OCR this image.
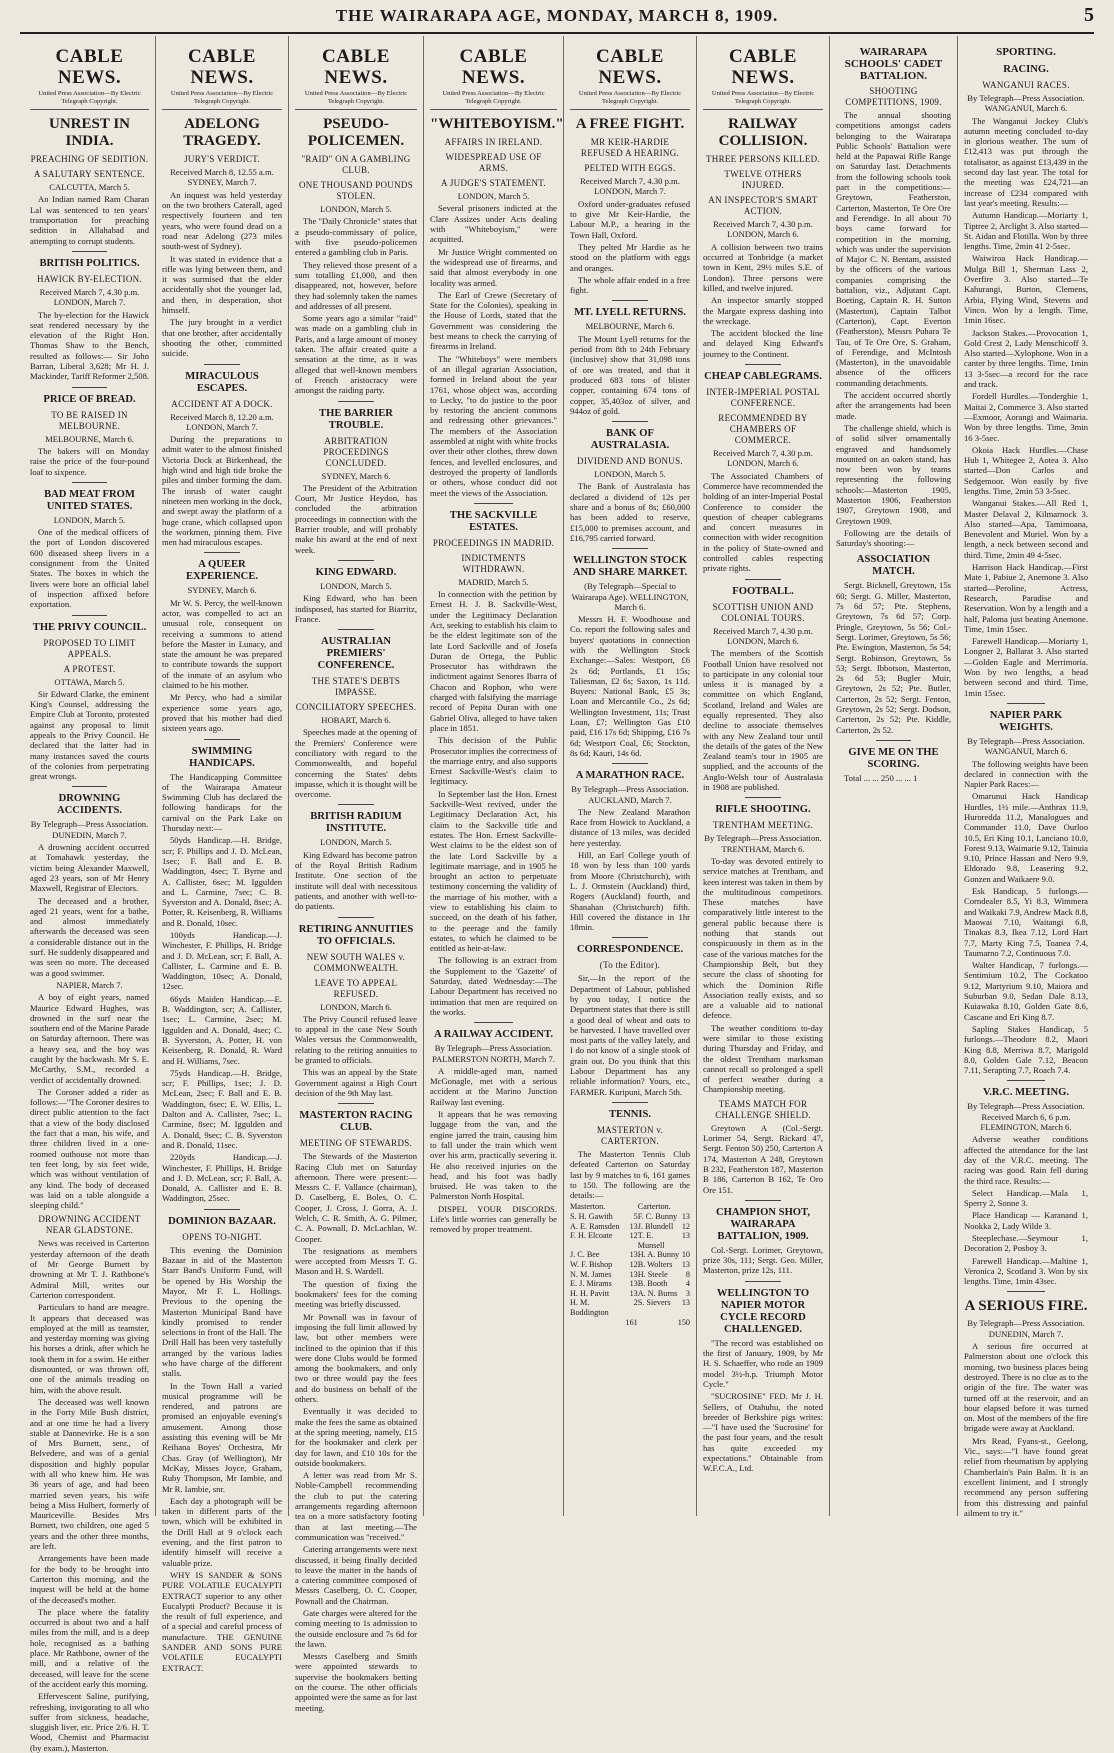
THE WAIRARAPA AGE, MONDAY, MARCH 8, 1909.	5
CABLE NEWS.
United Press Association—By Electric Telegraph Copyright.
UNREST IN INDIA.
PREACHING OF SEDITION.
A SALUTARY SENTENCE.
CALCUTTA, March 5.

An Indian named Ram Charan Lal was sentenced to ten years' transportation for preaching sedition in Allahabad and attempting to corrupt students.

BRITISH POLITICS.
HAWICK BY-ELECTION.
Received March 7, 4.30 p.m. LONDON, March 7.

The by-election for the Hawick seat rendered necessary by the elevation of the Right Hon. Thomas Shaw to the Bench, resulted as follows:— Sir John Barran, Liberal 3,628; Mr H. J. Mackinder, Tariff Reformer 2,508.

PRICE OF BREAD.
TO BE RAISED IN MELBOURNE.
MELBOURNE, March 6.

The bakers will on Monday raise the price of the four-pound loaf to sixpence.

BAD MEAT FROM UNITED STATES.
LONDON, March 5.

One of the medical officers of the port of London discovered 600 diseased sheep livers in a consignment from the United States. The boxes in which the livers were bore an official label of inspection affixed before exportation.

THE PRIVY COUNCIL.
PROPOSED TO LIMIT APPEALS.
A PROTEST.
OTTAWA, March 5.

Sir Edward Clarke, the eminent King's Counsel, addressing the Empire Club at Toronto, protested against any proposal to limit appeals to the Privy Council. He declared that the latter had in many instances saved the courts of the colonies from perpetrating great wrongs.

DROWNING ACCIDENTS.
By Telegraph—Press Association. DUNEDIN, March 7.

A drowning accident occurred at Tomahawk yesterday, the victim being Alexander Maxwell, aged 23 years, son of Mr Henry Maxwell, Registrar of Electors.

The deceased and a brother, aged 21 years, went for a bathe, and almost immediately afterwards the deceased was seen a considerable distance out in the surf. He suddenly disappeared and was seen no more. The deceased was a good swimmer.

NAPIER, March 7.

A boy of eight years, named Maurice Edward Hughes, was drowned in the surf near the southern end of the Marine Parade on Saturday afternoon. There was a heavy sea, and the boy was caught by the backwash. Mr S. E. McCarthy, S.M., recorded a verdict of accidentally drowned.

The Coroner added a rider as follows:—"The Coroner desires to direct public attention to the fact that a view of the body disclosed the fact that a man, his wife, and three children lived in a one-roomed outhouse not more than ten feet long, by six feet wide, which was without ventilation of any kind. The body of deceased was laid on a table alongside a sleeping child."

DROWNING ACCIDENT NEAR GLADSTONE.

News was received in Carterton yesterday afternoon of the death of Mr George Burnett by drowning at Mr T. J. Rathbone's Admiral Mill, writes our Carterton correspondent.

Particulars to hand are meagre. It appears that deceased was employed at the mill as teamster, and yesterday morning was giving his horses a drink, after which he took them in for a swim. He either dismounted, or was thrown off, one of the animals treading on him, with the above result.

The deceased was well known in the Forty Mile Bush district, and at one time he had a livery stable at Dannevirke. He is a son of Mrs Burnett, senr., of Belvedere, and was of a genial disposition and highly popular with all who knew him. He was 36 years of age, and had been married seven years, his wife being a Miss Hulbert, formerly of Mauriceville. Besides Mrs Burnett, two children, one aged 5 years and the other three months, are left.

Arrangements have been made for the body to be brought into Carterton this morning, and the inquest will be held at the home of the deceased's mother.

The place where the fatality occurred is about two and a half miles from the mill, and is a deep hole, recognised as a bathing place. Mr Rathbone, owner of the mill, and a relative of the deceased, will leave for the scene of the accident early this morning.

Effervescent Saline, purifying, refreshing, invigorating to all who suffer from sickness, headache, sluggish liver, etc. Price 2/6. H. T. Wood, Chemist and Pharmacist (by exam.), Masterton.

CABLE NEWS.
United Press Association—By Electric Telegraph Copyright.
ADELONG TRAGEDY.
JURY'S VERDICT.
Received March 8, 12.55 a.m. SYDNEY, March 7.

An inquest was held yesterday on the two brothers Caterall, aged respectively fourteen and ten years, who were found dead on a road near Adelong (273 miles south-west of Sydney).

It was stated in evidence that a rifle was lying between them, and it was surmised that the elder accidentally shot the younger lad, and then, in desperation, shot himself.

The jury brought in a verdict that one brother, after accidentally shooting the other, committed suicide.

MIRACULOUS ESCAPES.
ACCIDENT AT A DOCK.
Received March 8, 12.20 a.m. LONDON, March 7.

During the preparations to admit water to the almost finished Victoria Dock at Birkenhead, the high wind and high tide broke the piles and timber forming the dam. The inrush of water caught nineteen men working in the dock, and swept away the platform of a huge crane, which collapsed upon the workmen, pinning them. Five men had miraculous escapes.

A QUEER EXPERIENCE.
SYDNEY, March 6.

Mr W. S. Percy, the well-known actor, was compelled to act an unusual role, consequent on receiving a summons to attend before the Master in Lunacy, and state the amount he was prepared to contribute towards the support of the inmate of an asylum who claimed to be his mother.

Mr Percy, who had a similar experience some years ago, proved that his mother had died sixteen years ago.

SWIMMING HANDICAPS.

The Handicapping Committee of the Wairarapa Amateur Swimming Club has declared the following handicaps for the carnival on the Park Lake on Thursday next:—

50yds Handicap.—H. Bridge, scr; F. Phillips and J. D. McLean, 1sec; F. Ball and E. B. Waddington, 4sec; T. Byrne and A. Callister, 6sec; M. Iggulden and L. Carmine, 7sec; C. B. Syverston and A. Donald, 8sec; A. Potter, R. Keisenberg, R. Williams and R. Donald, 10sec.

100yds Handicap.—J. Winchester, F. Phillips, H. Bridge and J. D. McLean, scr; F. Ball, A. Callister, L. Carmine and E. B. Waddington, 10sec; A. Donald, 12sec.

66yds Maiden Handicap.—E. B. Waddington, scr; A. Callister, 1sec; L. Carmine, 2sec; M. Iggulden and A. Donald, 4sec; C. B. Syverston, A. Potter, H. von Keisenberg, R. Donald, R. Ward and H. Williams, 7sec.

75yds Handicap.—H. Bridge, scr; F. Phillips, 1sec; J. D. McLean, 2sec; F. Ball and E. B. Waddington, 6sec; E. W. Ellis, L. Dalton and A. Callister, 7sec; L. Carmine, 8sec; M. Iggulden and A. Donald, 9sec; C. B. Syverston and R. Donald, 11sec.

220yds Handicap.—J. Winchester, F. Phillips, H. Bridge and J. D. McLean, scr; F. Ball, A. Donald, A. Callister and E. B. Waddington, 25sec.

DOMINION BAZAAR.
OPENS TO-NIGHT.

This evening the Dominion Bazaar in aid of the Masterton Starr Band's Uniform Fund, will be opened by His Worship the Mayor, Mr F. L. Hollings. Previous to the opening the Masterton Municipal Band have kindly promised to render selections in front of the Hall. The Drill Hall has been very tastefully arranged by the various ladies who have charge of the different stalls.

In the Town Hall a varied musical programme will be rendered, and patrons are promised an enjoyable evening's amusement. Among those assisting this evening will be Mr Reihana Boyes' Orchestra, Mr Chas. Gray (of Wellington), Mr McKay, Misses Joyce, Graham, Ruby Thompson, Mr Iambie, and Mr R. Iambie, snr.

Each day a photograph will be taken in different parts of the town, which will be exhibited in the Drill Hall at 9 o'clock each evening, and the first patron to identify himself will receive a valuable prize.

WHY IS SANDER & SONS PURE VOLATILE EUCALYPTI EXTRACT superior to any other Eucalypti Product? Because it is the result of full experience, and of a special and careful process of manufacture. THE GENUINE SANDER AND SONS PURE VOLATILE EUCALYPTI EXTRACT.

CABLE NEWS.
United Press Association—By Electric Telegraph Copyright.
PSEUDO-POLICEMEN.
"RAID" ON A GAMBLING CLUB.
ONE THOUSAND POUNDS STOLEN.
LONDON, March 5.

The "Daily Chronicle" states that a pseudo-commissary of police, with five pseudo-policemen entered a gambling club in Paris.

They relieved those present of a sum totalling £1,000, and then disappeared, not, however, before they had solemnly taken the names and addresses of all present.

Some years ago a similar "raid" was made on a gambling club in Paris, and a large amount of money taken. The affair created quite a sensation at the time, as it was alleged that well-known members of French aristocracy were amongst the raiding party.

THE BARRIER TROUBLE.
ARBITRATION PROCEEDINGS CONCLUDED.
SYDNEY, March 6.

The President of the Arbitration Court, Mr Justice Heydon, has concluded the arbitration proceedings in connection with the Barrier trouble, and will probably make his award at the end of next week.

KING EDWARD.
LONDON, March 5.

King Edward, who has been indisposed, has started for Biarritz, France.

AUSTRALIAN PREMIERS' CONFERENCE.
THE STATE'S DEBTS IMPASSE.
CONCILIATORY SPEECHES.
HOBART, March 6.

Speeches made at the opening of the Premiers' Conference were conciliatory with regard to the Commonwealth, and hopeful concerning the States' debts impasse, which it is thought will be overcome.

BRITISH RADIUM INSTITUTE.
LONDON, March 5.

King Edward has become patron of the Royal British Radium Institute. One section of the institute will deal with necessitous patients, and another with well-to-do patients.

RETIRING ANNUITIES TO OFFICIALS.
NEW SOUTH WALES v. COMMONWEALTH.
LEAVE TO APPEAL REFUSED.
LONDON, March 6.

The Privy Council refused leave to appeal in the case New South Wales versus the Commonwealth, relating to the retiring annuities to be granted to officials.

This was an appeal by the State Government against a High Court decision of the 9th May last.

MASTERTON RACING CLUB.
MEETING OF STEWARDS.

The Stewards of the Masterton Racing Club met on Saturday afternoon. There were present:—Messrs C. F. Vallance (chairman), D. Caselberg, E. Boles, O. C. Cooper, J. Cross, J. Gorra, A. J. Welch, C. R. Smith, A. G. Pilmer, C. A. Pownall, D. McLachlan, W. Cooper.

The resignations as members were accepted from Messrs T. G. Mason and H. S. Wardell.

The question of fixing the bookmakers' fees for the coming meeting was briefly discussed.

Mr Pownall was in favour of imposing the full limit allowed by law, but other members were inclined to the opinion that if this were done Clubs would be formed among the bookmakers, and only two or three would pay the fees and do business on behalf of the others.

Eventually it was decided to make the fees the same as obtained at the spring meeting, namely, £15 for the bookmaker and clerk per day for lawn, and £10 10s for the outside bookmakers.

A letter was read from Mr S. Noble-Campbell recommending the club to put the catering arrangements regarding afternoon tea on a more satisfactory footing than at last meeting.—The communication was "received."

Catering arrangements were next discussed, it being finally decided to leave the matter in the hands of a catering committee composed of Messrs Caselberg, O. C. Cooper, Pownall and the Chairman.

Gate charges were altered for the coming meeting to 1s admission to the outside enclosure and 7s 6d for the lawn.

Messrs Caselberg and Smith were appointed stewards to supervise the bookmakers betting on the course. The other officials appointed were the same as for last meeting.

CABLE NEWS.
United Press Association—By Electric Telegraph Copyright.
"WHITEBOYISM."
AFFAIRS IN IRELAND.
WIDESPREAD USE OF ARMS.
A JUDGE'S STATEMENT.
LONDON, March 5.

Several prisoners indicted at the Clare Assizes under Acts dealing with "Whiteboyism," were acquitted.

Mr Justice Wright commented on the widespread use of firearms, and said that almost everybody in one locality was armed.

The Earl of Crewe (Secretary of State for the Colonies), speaking in the House of Lords, stated that the Government was considering the best means to check the carrying of firearms in Ireland.

The "Whiteboys" were members of an illegal agrarian Association, formed in Ireland about the year 1761, whose object was, according to Lecky, "to do justice to the poor by restoring the ancient commons and redressing other grievances." The members of the Association assembled at night with white frocks over their other clothes, threw down fences, and levelled enclosures, and destroyed the property of landlords or others, whose conduct did not meet the views of the Association.

THE SACKVILLE ESTATES.
PROCEEDINGS IN MADRID.
INDICTMENTS WITHDRAWN.
MADRID, March 5.

In connection with the petition by Ernest H. J. B. Sackville-West, under the Legitimacy Declaration Act, seeking to establish his claim to be the eldest legitimate son of the late Lord Sackville and of Josefa Duran de Ortega, the Public Prosecutor has withdrawn the indictment against Senores Ibarra of Chacon and Rophon, who were charged with falsifying the marriage record of Pepita Duran with one Gabriel Oliva, alleged to have taken place in 1851.

This decision of the Public Prosecutor implies the correctness of the marriage entry, and also supports Ernest Sackville-West's claim to legitimacy.

In September last the Hon. Ernest Sackville-West revived, under the Legitimacy Declaration Act, his claim to the Sackville title and estates. The Hon. Ernest Sackville-West claims to be the eldest son of the late Lord Sackville by a legitimate marriage, and in 1905 he brought an action to perpetuate testimony concerning the validity of the marriage of his mother, with a view to establishing his claim to succeed, on the death of his father, to the peerage and the family estates, to which he claimed to be entitled as heir-at-law.

The following is an extract from the Supplement to the 'Gazette' of Saturday, dated Wednesday:—The Labour Department has received no intimation that men are required on the works.

A RAILWAY ACCIDENT.
By Telegraph—Press Association. PALMERSTON NORTH, March 7.

A middle-aged man, named McGonagle, met with a serious accident at the Marino Junction Railway last evening.

It appears that he was removing luggage from the van, and the engine jarred the train, causing him to fall under the train which went over his arm, practically severing it. He also received injuries on the head, and his foot was badly bruised. He was taken to the Palmerston North Hospital.

DISPEL YOUR DISCORDS. Life's little worries can generally be removed by proper treatment.

CABLE NEWS.
United Press Association—By Electric Telegraph Copyright.
A FREE FIGHT.
MR KEIR-HARDIE REFUSED A HEARING.
PELTED WITH EGGS.
Received March 7, 4.30 p.m. LONDON, March 7.

Oxford under-graduates refused to give Mr Keir-Hardie, the Labour M.P., a hearing in the Town Hall, Oxford.

They pelted Mr Hardie as he stood on the platform with eggs and oranges.

The whole affair ended in a free fight.

MT. LYELL RETURNS.
MELBOURNE, March 6.

The Mount Lyell returns for the period from 8th to 24th February (inclusive) show that 31,098 tons of ore was treated, and that it produced 683 tons of blister copper, containing 674 tons of copper, 35,403oz of silver, and 944oz of gold.

BANK OF AUSTRALASIA.
DIVIDEND AND BONUS.
LONDON, March 5.

The Bank of Australasia has declared a dividend of 12s per share and a bonus of 8s; £60,000 has been added to reserve, £15,000 to premises account, and £16,795 carried forward.

WELLINGTON STOCK AND SHARE MARKET.
(By Telegraph—Special to Wairarapa Age). WELLINGTON, March 6.

Messrs H. F. Woodhouse and Co. report the following sales and buyers' quotations in connection with the Wellington Stock Exchange:—Sales: Westport, £6 2s 6d; Portlands, £1 15s; Taliesman, £2 6s; Saxon, 1s 11d. Buyers: National Bank, £5 3s; Loan and Mercantile Co., 2s 6d; Wellington Investment, 11s; Trust Loan, £7; Wellington Gas £10 paid, £16 17s 6d; Shipping, £16 7s 6d; Westport Coal, £6; Stockton, 8s 6d; Kauri, 14s 6d.

A MARATHON RACE.
By Telegraph—Press Association. AUCKLAND, March 7.

The New Zealand Marathon Race from Howick to Auckland, a distance of 13 miles, was decided here yesterday.

Hill, an Earl College youth of 18 won by less than 100 yards from Moore (Christchurch), with L. J. Ormstein (Auckland) third, Rogers (Auckland) fourth, and Shanahan (Christchurch) fifth. Hill covered the distance in 1hr 18min.

CORRESPONDENCE.
(To the Editor).

Sir,—In the report of the Department of Labour, published by you today, I notice the Department states that there is still a good deal of wheat and oats to be harvested. I have travelled over most parts of the valley lately, and I do not know of a single stook of grain out. Do you think that this Labour Department has any reliable information? Yours, etc., FARMER. Kuripuni, March 5th.

TENNIS.
MASTERTON v. CARTERTON.

The Masterton Tennis Club defeated Carterton on Saturday last by 9 matches to 6, 161 games to 150. The following are the details:—

Masterton.		Carterton.	
S. H. Gawith	5	F. C. Bunny	13
A. E. Ramsden	13	J. Blundell	12
F. H. Elcoate	12	T. E. Munsell	13
J. C. Bee	13	H. A. Bunny	10
W. F. Bishop	12	B. Wolters	13
N. M. James	13	H. Steele	8
E. J. Mirams	13	B. Booth	4
H. H. Pavitt	13	A. N. Burns	3
H. M. Boddington	2	S. Sievers	13
161		150	
CABLE NEWS.
United Press Association—By Electric Telegraph Copyright.
RAILWAY COLLISION.
THREE PERSONS KILLED.
TWELVE OTHERS INJURED.
AN INSPECTOR'S SMART ACTION.
Received March 7, 4.30 p.m. LONDON, March 6.

A collision between two trains occurred at Tonbridge (a market town in Kent, 29½ miles S.E. of London). Three persons were killed, and twelve injured.

An inspector smartly stopped the Margate express dashing into the wreckage.

The accident blocked the line and delayed King Edward's journey to the Continent.

CHEAP CABLEGRAMS.
INTER-IMPERIAL POSTAL CONFERENCE.
RECOMMENDED BY CHAMBERS OF COMMERCE.
Received March 7, 4.30 p.m. LONDON, March 6.

The Associated Chambers of Commerce have recommended the holding of an inter-Imperial Postal Conference to consider the question of cheaper cablegrams and concert measures in connection with wider recognition in the policy of State-owned and controlled cables respecting private rights.

FOOTBALL.
SCOTTISH UNION AND COLONIAL TOURS.
Received March 7, 4.30 p.m. LONDON, March 6.

The members of the Scottish Football Union have resolved not to participate in any colonial tour unless it is managed by a committee on which England, Scotland, Ireland and Wales are equally represented. They also decline to associate themselves with any New Zealand tour until the details of the gates of the New Zealand team's tour in 1905 are supplied, and the accounts of the Anglo-Welsh tour of Australasia in 1908 are published.

RIFLE SHOOTING.
TRENTHAM MEETING.
By Telegraph—Press Association. TRENTHAM, March 6.

To-day was devoted entirely to service matches at Trentham, and keen interest was taken in them by the multitudinous competitors. These matches have comparatively little interest to the general public because there is nothing that stands out conspicuously in them as in the case of the various matches for the Championship Belt, but they secure the class of shooting for which the Dominion Rifle Association really exists, and so are a valuable aid to national defence.

The weather conditions to-day were similar to those existing during Thursday and Friday, and the oldest Trentham marksman cannot recall so prolonged a spell of perfect weather during a Championship meeting.

TEAMS MATCH FOR CHALLENGE SHIELD.

Greytown A (Col.-Sergt. Lorimer 54, Sergt. Rickard 47, Sergt. Fenton 50) 250, Carterton A 174, Masterton A 248, Greytown B 232, Featherston 187, Masterton B 186, Carterton B 162, Te Oro Ore 151.

CHAMPION SHOT, WAIRARAPA BATTALION, 1909.

Col.-Sergt. Lorimer, Greytown, prize 30s, 111; Sergt. Geo. Miller, Masterton, prize 12s, 111.

WELLINGTON TO NAPIER MOTOR CYCLE RECORD CHALLENGED.

"The record was established on the first of January, 1909, by Mr H. S. Schaeffer, who rode an 1909 model 3½-h.p. Triumph Motor Cycle."

"SUCROSINE" FED. Mr J. H. Sellers, of Otahuhu, the noted breeder of Berkshire pigs writes:—"I have used the 'Sucrosine' for the past four years, and the result has quite exceeded my expectations." Obtainable from W.F.C.A., Ltd.

WAIRARAPA SCHOOLS' CADET BATTALION.
SHOOTING COMPETITIONS, 1909.

The annual shooting competitions amongst cadets belonging to the Wairarapa Public Schools' Battalion were held at the Papawai Rifle Range on Saturday last. Detachments from the following schools took part in the competitions:—Greytown, Featherston, Carterton, Masterton, Te Ore Ore and Ferendige. In all about 70 boys came forward for competition in the morning, which was under the supervision of Major C. N. Bentam, assisted by the officers of the various companies comprising the battalion, viz., Adjutant Capt. Boeting, Captain R. H. Sutton (Masterton), Captain Talbot (Carterton), Capt. Everton (Featherston), Messrs Puhara Te Tau, of Te Ore Ore, S. Graham, of Ferendige, and McIntosh (Masterton), in the unavoidable absence of the officers commanding detachments.

The accident occurred shortly after the arrangements had been made.

The challenge shield, which is of solid silver ornamentally engraved and handsomely mounted on an oaken stand, has now been won by teams representing the following schools:—Masterton 1905, Masterton 1906, Featherston 1907, Greytown 1908, and Greytown 1909.

Following are the details of Saturday's shooting:—

ASSOCIATION MATCH.

Sergt. Bicknell, Greytown, 15s 60; Sergt. G. Miller, Masterton, 7s 6d 57; Pte. Stephens, Greytown, 7s 6d 57; Corp. Pringle, Greytown, 5s 56; Col.-Sergt. Lorimer, Greytown, 5s 56; Pte. Ewington, Masterton, 5s 54; Sergt. Robinson, Greytown, 5s 53; Sergt. Ibbotson, Masterton, 2s 6d 53; Bugler Muir, Greytown, 2s 52; Pte. Butler, Carterton, 2s 52; Sergt. Fenton, Greytown, 2s 52; Sergt. Dodson, Carterton, 2s 52; Pte. Kiddle, Carterton, 2s 52.

GIVE ME ON THE SCORING.

Total ... ... 250 ... ... 1

SPORTING.
RACING.
WANGANUI RACES.
By Telegraph—Press Association. WANGANUI, March 6.

The Wanganui Jockey Club's autumn meeting concluded to-day in glorious weather. The sum of £12,413 was put through the totalisator, as against £13,439 in the second day last year. The total for the meeting was £24,721—an increase of £234 compared with last year's meeting. Results:—

Autumn Handicap.—Moriarty 1, Tiptree 2, Arclight 3. Also started—St. Aidan and Flotilla. Won by three lengths. Time, 2min 41 2-5sec.

Waiwiroa Hack Handicap.—Mulga Bill 1, Sherman Lass 2, Overfire 3. Also started—Te Kahurangi, Burton, Clemens, Arbia, Flying Wind, Stevens and Vinco. Won by a length. Time, 1min 16sec.

Jackson Stakes.—Provocation 1, Gold Crest 2, Lady Menschicoff 3. Also started—Xylophone. Won in a canter by three lengths. Time, 1min 13 3-5sec—a record for the race and track.

Fordell Hurdles.—Tonderghie 1, Maitai 2, Commerce 3. Also started—Exmoor, Aorangi and Waimaria. Won by three lengths. Time, 3min 16 3-5sec.

Okoia Hack Hurdles.—Chase Hub 1, Whitegee 2, Aotea 3. Also started—Don Carlos and Sedgemoor. Won easily by five lengths. Time, 2min 53 3-5sec.

Wanganui Stakes.—All Red 1, Master Delaval 2, Kilmarnock 3. Also started—Apa, Tamimoana, Benevolent and Muriel. Won by a length, a neck between second and third. Time, 2min 49 4-5sec.

Harrison Hack Handicap.—First Mate 1, Pabiue 2, Anemone 3. Also started—Peroline, Actress, Research, Paradise and Reservation. Won by a length and a half, Paloma just beating Anemone. Time, 1min 15sec.

Farewell Handicap.—Moriarty 1, Longner 2, Ballarat 3. Also started—Golden Eagle and Merrimoria. Won by two lengths, a head between second and third. Time, 1min 15sec.

NAPIER PARK WEIGHTS.
By Telegraph—Press Association. WANGANUI, March 6.

The following weights have been declared in connection with the Napier Park Races:—

Omarunui Hack Handicap Hurdles, 1½ mile.—Anthrax 11.9, Huroredda 11.2, Manalogues and Commander 11.0, Dave Ourloo 10.5, Eri King 10.1, Lanciano 10.0, Forest 9.13, Waimarie 9.12, Tainuia 9.10, Prince Hassan and Nero 9.9, Eldorado 9.8, Leasering 9.2, Gonzen and Waikaere 9.0.

Esk Handicap, 5 furlongs.—Corndealer 8.5, Yi 8.3, Wimmera and Waikaki 7.9, Andrew Mack 8.8, Maowai 7.10, Waitangi 6.8, Tinakas 8.3, Ikea 7.12, Lord Hart 7.7, Marty King 7.5, Toanea 7.4, Taumarno 7.2, Continuous 7.0.

Walter Handicap, 7 furlongs.—Sentimium 10.2, The Cockatoo 9.12, Martyrium 9.10, Maiora and Suburban 9.0, Sedan Dale 8.13, Kuiawaka 8.10, Golden Gate 8.6, Cascane and Eri King 8.7.

Sapling Stakes Handicap, 5 furlongs.—Theodore 8.2, Maori King 8.8, Merriwa 8.7, Marigold 8.0, Golden Gale 7.12, Beacon 7.11, Serapting 7.7, Roach 7.4.

V.R.C. MEETING.
By Telegraph—Press Association. Received March 6, 6 p.m. FLEMINGTON, March 6.

Adverse weather conditions affected the attendance for the last day of the V.R.C. meeting. The racing was good. Rain fell during the third race. Results:—

Select Handicap.—Mala 1, Sperry 2, Sonne 3.

Place Handicap — Karanand 1, Nookka 2, Lady Wilde 3.

Steeplechase.—Seymour 1, Decoration 2, Posboy 3.

Farewell Handicap.—Maltine 1, Veronica 2, Scotland 3. Won by six lengths. Time, 1min 43sec.

A SERIOUS FIRE.
By Telegraph—Press Association. DUNEDIN, March 7.

A serious fire occurred at Palmerston about one o'clock this morning, two business places being destroyed. There is no clue as to the origin of the fire. The water was turned off at the reservoir, and an hour elapsed before it was turned on. Most of the members of the fire brigade were away at Auckland.

Mrs Read, Fyans-st., Geelong, Vic., says:—"I have found great relief from rheumatism by applying Chamberlain's Pain Balm. It is an excellent liniment, and I strongly recommend any person suffering from this distressing and painful ailment to try it."
